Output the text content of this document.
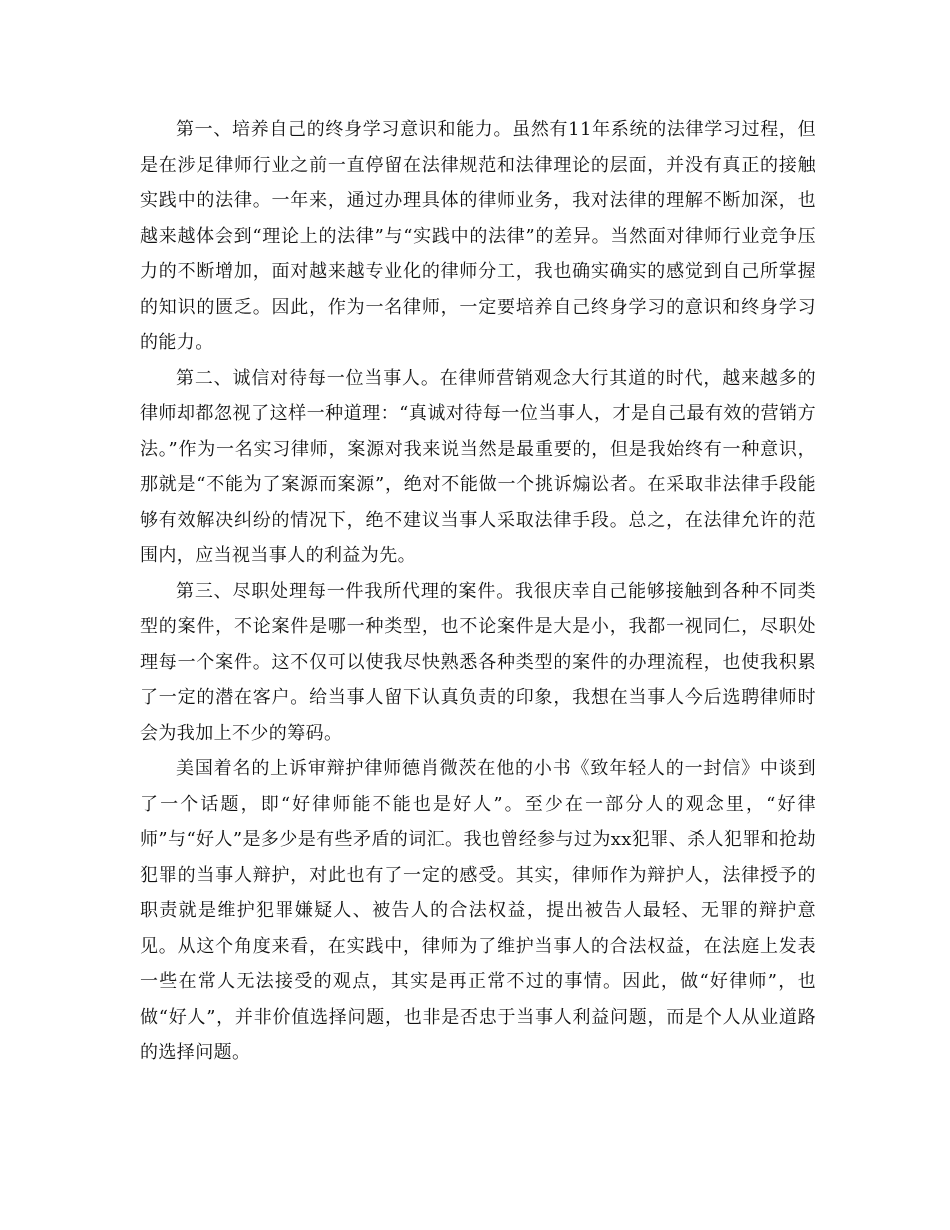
第一、培养自己的终身学习意识和能力。虽然有11年系统的法律学习过程，但是在涉足律师行业之前一直停留在法律规范和法律理论的层面，并没有真正的接触实践中的法律。一年来，通过办理具体的律师业务，我对法律的理解不断加深，也越来越体会到“理论上的法律”与“实践中的法律”的差异。当然面对律师行业竞争压力的不断增加，面对越来越专业化的律师分工，我也确实确实的感觉到自己所掌握的知识的匮乏。因此，作为一名律师，一定要培养自己终身学习的意识和终身学习的能力。

第二、诚信对待每一位当事人。在律师营销观念大行其道的时代，越来越多的律师却都忽视了这样一种道理：“真诚对待每一位当事人，才是自己最有效的营销方法。”作为一名实习律师，案源对我来说当然是最重要的，但是我始终有一种意识，那就是“不能为了案源而案源”，绝对不能做一个挑诉煽讼者。在采取非法律手段能够有效解决纠纷的情况下，绝不建议当事人采取法律手段。总之，在法律允许的范围内，应当视当事人的利益为先。

第三、尽职处理每一件我所代理的案件。我很庆幸自己能够接触到各种不同类型的案件，不论案件是哪一种类型，也不论案件是大是小，我都一视同仁，尽职处理每一个案件。这不仅可以使我尽快熟悉各种类型的案件的办理流程，也使我积累了一定的潜在客户。给当事人留下认真负责的印象，我想在当事人今后选聘律师时会为我加上不少的筹码。

美国着名的上诉审辩护律师德肖微茨在他的小书《致年轻人的一封信》中谈到了一个话题，即“好律师能不能也是好人”。至少在一部分人的观念里，“好律师”与“好人”是多少是有些矛盾的词汇。我也曾经参与过为xx犯罪、杀人犯罪和抢劫犯罪的当事人辩护，对此也有了一定的感受。其实，律师作为辩护人，法律授予的职责就是维护犯罪嫌疑人、被告人的合法权益，提出被告人最轻、无罪的辩护意见。从这个角度来看，在实践中，律师为了维护当事人的合法权益，在法庭上发表一些在常人无法接受的观点，其实是再正常不过的事情。因此，做“好律师”，也做“好人”，并非价值选择问题，也非是否忠于当事人利益问题，而是个人从业道路的选择问题。
